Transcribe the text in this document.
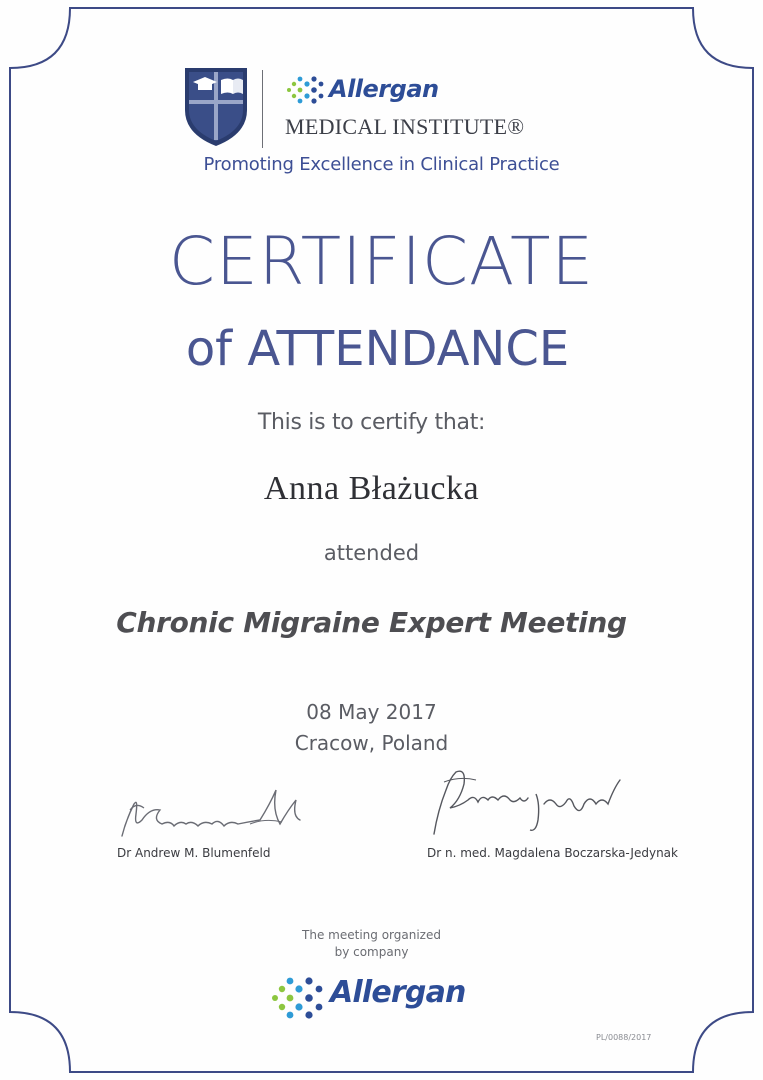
Allergan
MEDICAL INSTITUTE®
Promoting Excellence in Clinical Practice
CERTIFICATE
of ATTENDANCE
This is to certify that:
Anna Błażucka
attended
Chronic Migraine Expert Meeting
08 May 2017
Cracow, Poland
Dr Andrew M. Blumenfeld	Dr n. med. Magdalena Boczarska-Jedynak
The meeting organized
by company
Allergan
PL/0088/2017
